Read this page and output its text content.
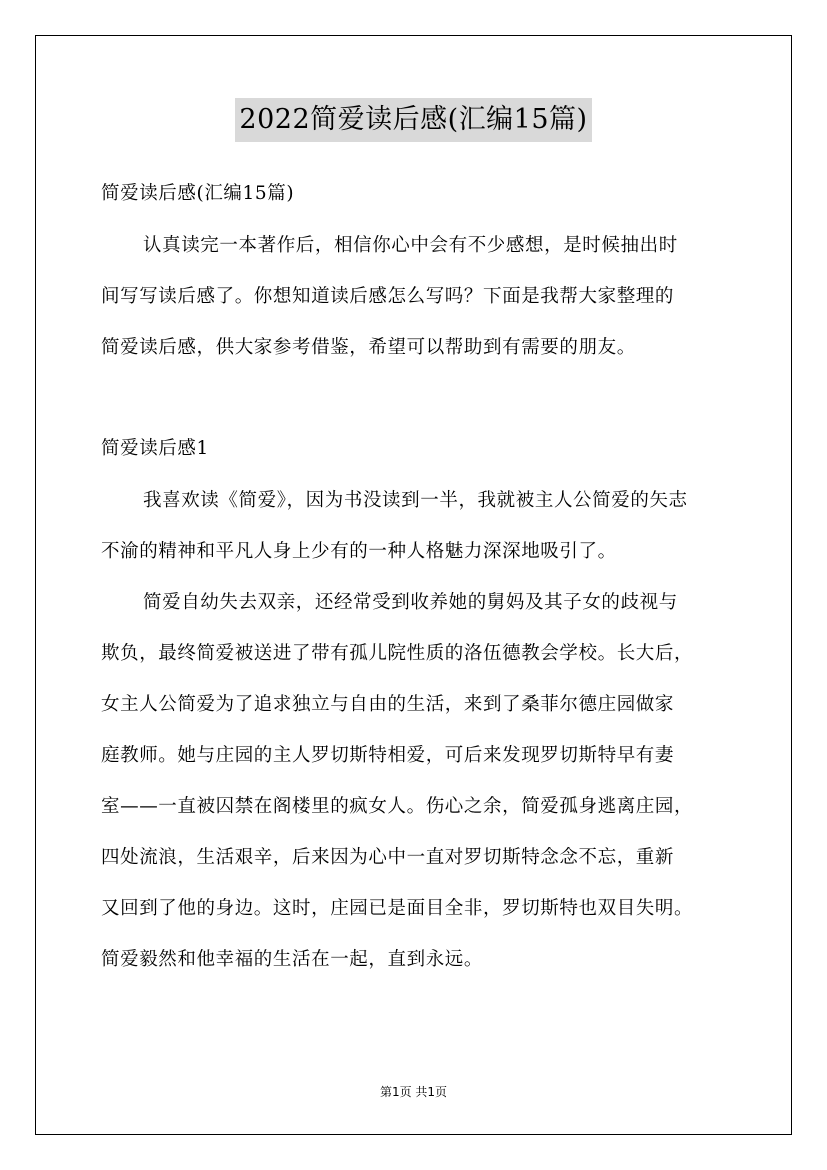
2022简爱读后感(汇编15篇)
简爱读后感(汇编15篇)
认真读完一本著作后，相信你心中会有不少感想，是时候抽出时
间写写读后感了。你想知道读后感怎么写吗？下面是我帮大家整理的
简爱读后感，供大家参考借鉴，希望可以帮助到有需要的朋友。
简爱读后感1
我喜欢读《简爱》，因为书没读到一半，我就被主人公简爱的矢志
不渝的精神和平凡人身上少有的一种人格魅力深深地吸引了。
简爱自幼失去双亲，还经常受到收养她的舅妈及其子女的歧视与
欺负，最终简爱被送进了带有孤儿院性质的洛伍德教会学校。长大后，
女主人公简爱为了追求独立与自由的生活，来到了桑菲尔德庄园做家
庭教师。她与庄园的主人罗切斯特相爱，可后来发现罗切斯特早有妻
室——一直被囚禁在阁楼里的疯女人。伤心之余，简爱孤身逃离庄园，
四处流浪，生活艰辛，后来因为心中一直对罗切斯特念念不忘，重新
又回到了他的身边。这时，庄园已是面目全非，罗切斯特也双目失明。
简爱毅然和他幸福的生活在一起，直到永远。
第1页 共1页
